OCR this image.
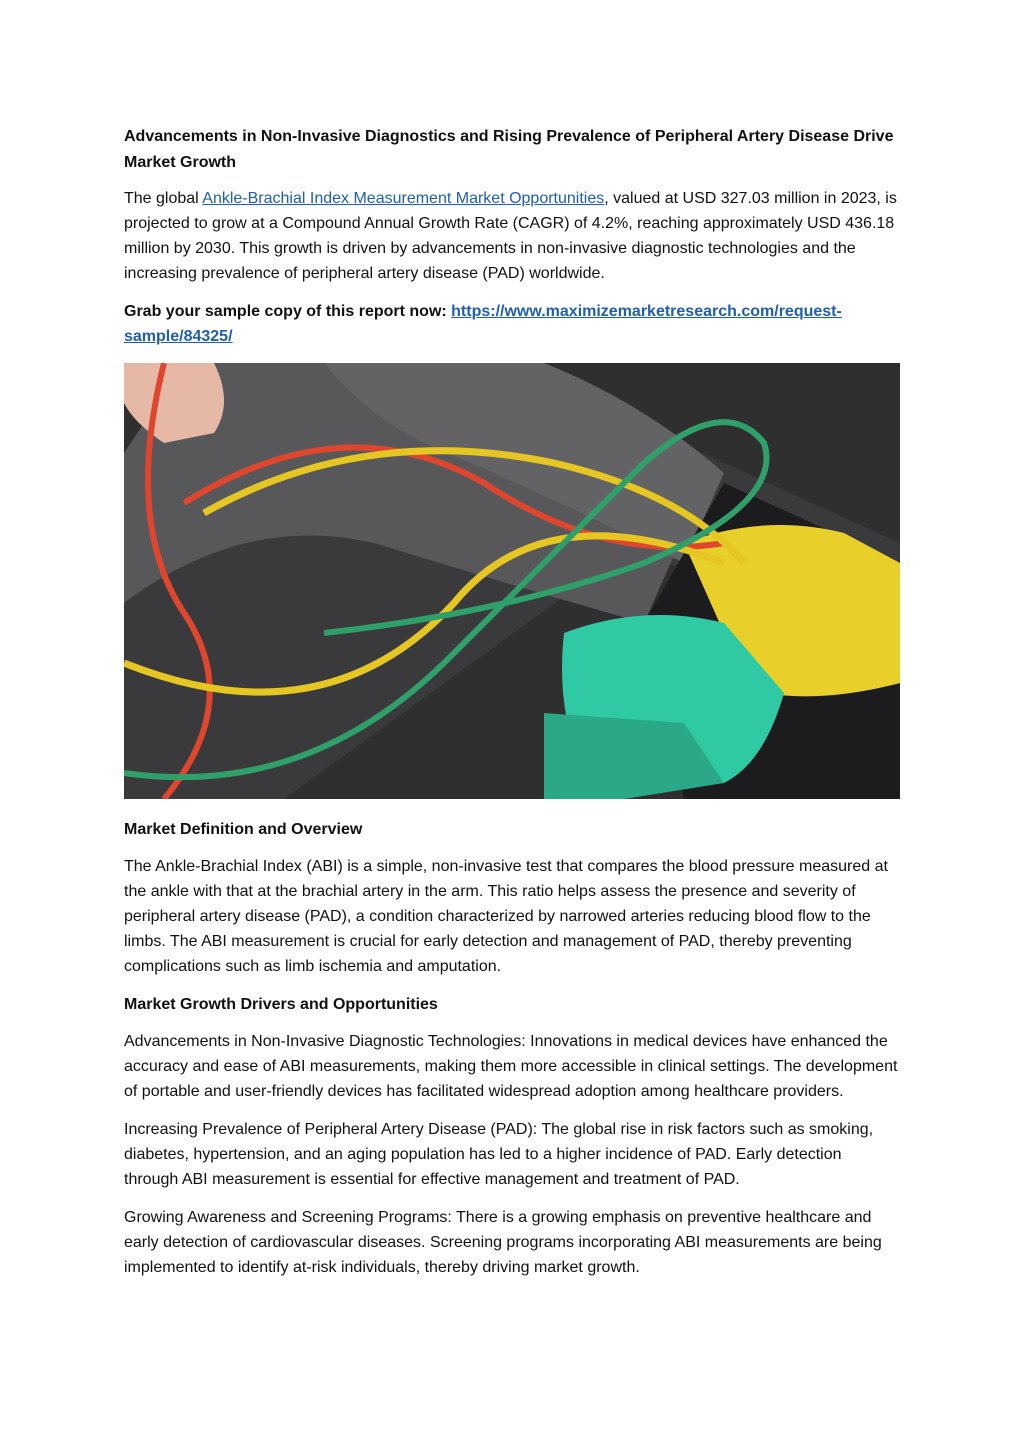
Advancements in Non-Invasive Diagnostics and Rising Prevalence of Peripheral Artery Disease Drive Market Growth

The global Ankle-Brachial Index Measurement Market Opportunities, valued at USD 327.03 million in 2023, is projected to grow at a Compound Annual Growth Rate (CAGR) of 4.2%, reaching approximately USD 436.18 million by 2030. This growth is driven by advancements in non-invasive diagnostic technologies and the increasing prevalence of peripheral artery disease (PAD) worldwide.

Grab your sample copy of this report now: https://www.maximizemarketresearch.com/request-sample/84325/

Market Definition and Overview

The Ankle-Brachial Index (ABI) is a simple, non-invasive test that compares the blood pressure measured at the ankle with that at the brachial artery in the arm. This ratio helps assess the presence and severity of peripheral artery disease (PAD), a condition characterized by narrowed arteries reducing blood flow to the limbs. The ABI measurement is crucial for early detection and management of PAD, thereby preventing complications such as limb ischemia and amputation.

Market Growth Drivers and Opportunities

Advancements in Non-Invasive Diagnostic Technologies: Innovations in medical devices have enhanced the accuracy and ease of ABI measurements, making them more accessible in clinical settings. The development of portable and user-friendly devices has facilitated widespread adoption among healthcare providers.

Increasing Prevalence of Peripheral Artery Disease (PAD): The global rise in risk factors such as smoking, diabetes, hypertension, and an aging population has led to a higher incidence of PAD. Early detection through ABI measurement is essential for effective management and treatment of PAD.

Growing Awareness and Screening Programs: There is a growing emphasis on preventive healthcare and early detection of cardiovascular diseases. Screening programs incorporating ABI measurements are being implemented to identify at-risk individuals, thereby driving market growth.
